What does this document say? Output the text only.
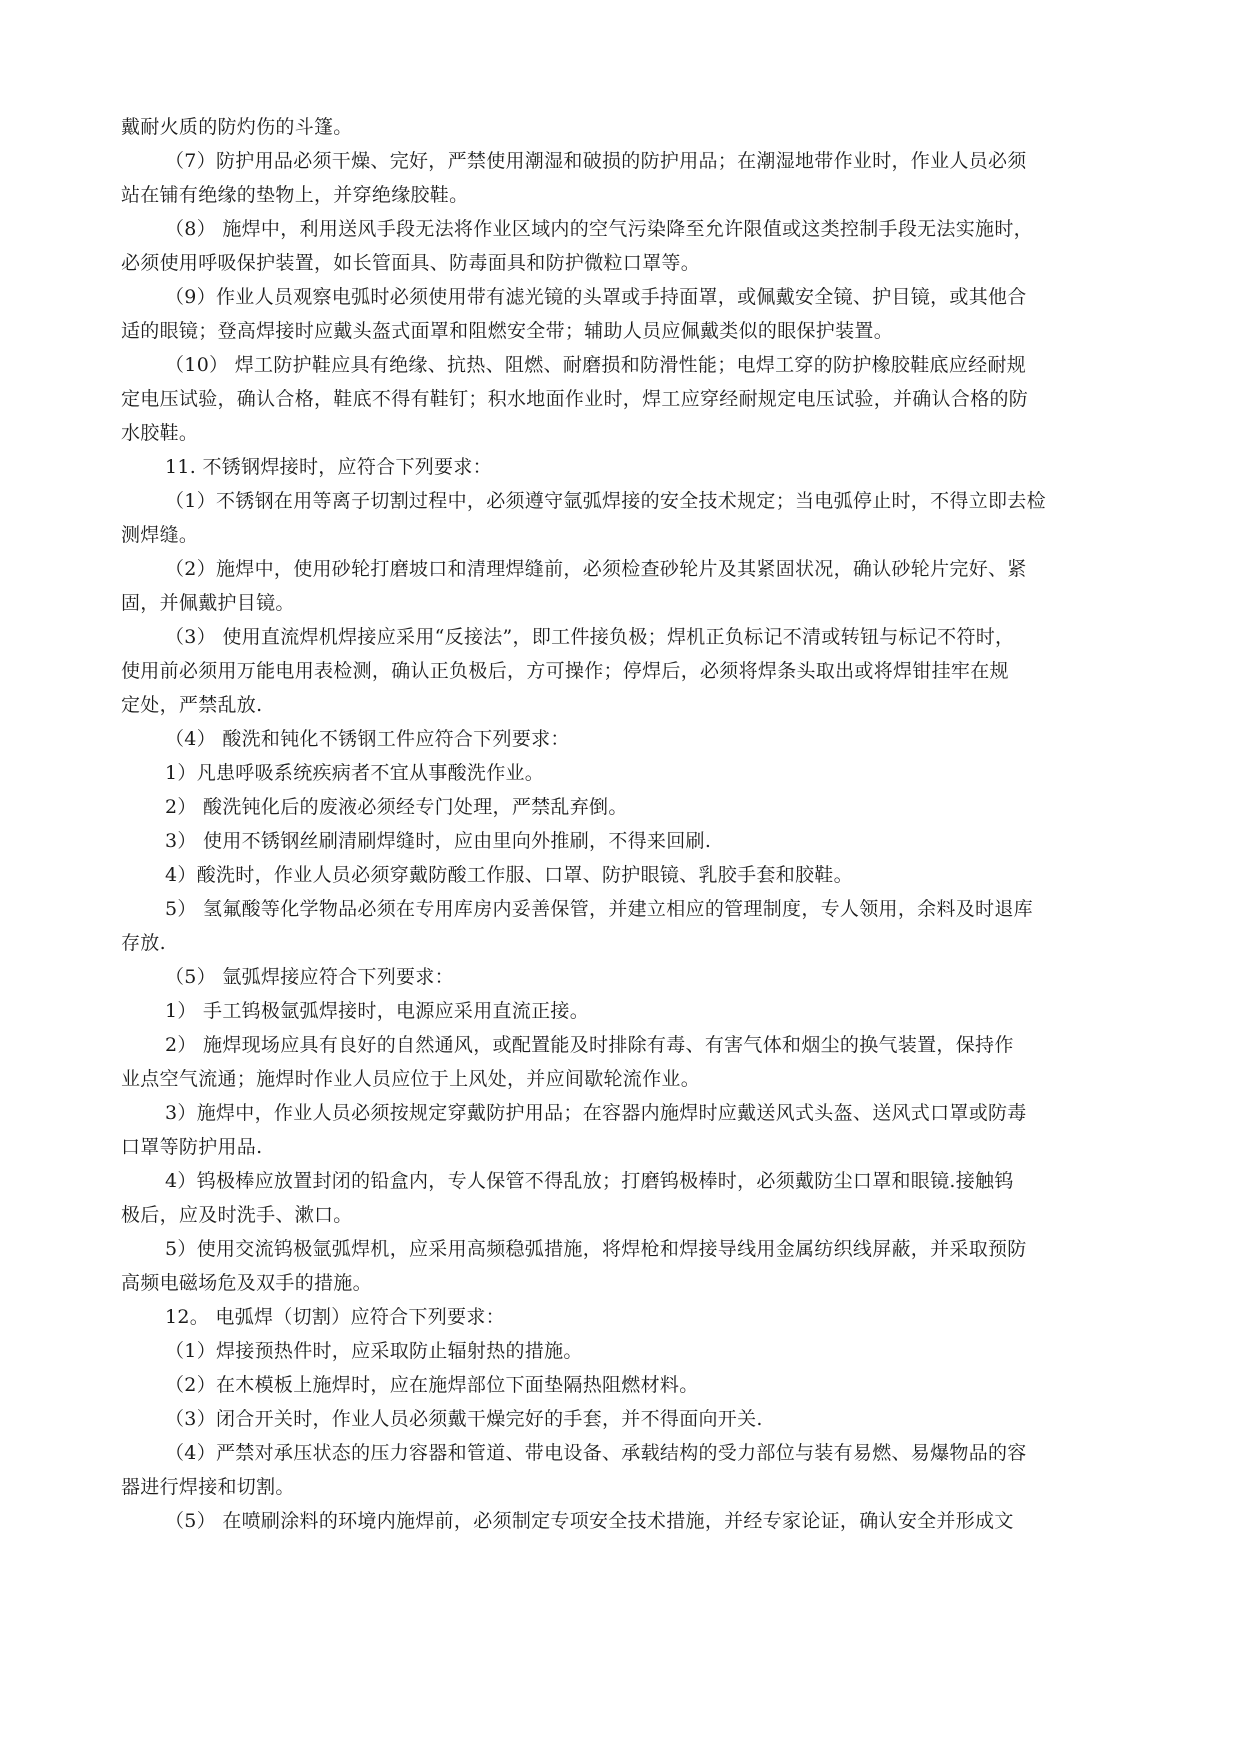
戴耐火质的防灼伤的斗篷。

（7）防护用品必须干燥、完好，严禁使用潮湿和破损的防护用品；在潮湿地带作业时，作业人员必须

站在铺有绝缘的垫物上，并穿绝缘胶鞋。

（8） 施焊中，利用送风手段无法将作业区域内的空气污染降至允许限值或这类控制手段无法实施时，

必须使用呼吸保护装置，如长管面具、防毒面具和防护微粒口罩等。

（9）作业人员观察电弧时必须使用带有滤光镜的头罩或手持面罩，或佩戴安全镜、护目镜，或其他合

适的眼镜；登高焊接时应戴头盔式面罩和阻燃安全带；辅助人员应佩戴类似的眼保护装置。

（10） 焊工防护鞋应具有绝缘、抗热、阻燃、耐磨损和防滑性能；电焊工穿的防护橡胶鞋底应经耐规

定电压试验，确认合格，鞋底不得有鞋钉；积水地面作业时，焊工应穿经耐规定电压试验，并确认合格的防

水胶鞋。

11. 不锈钢焊接时，应符合下列要求：

（1）不锈钢在用等离子切割过程中，必须遵守氩弧焊接的安全技术规定；当电弧停止时，不得立即去检

测焊缝。

（2）施焊中，使用砂轮打磨坡口和清理焊缝前，必须检查砂轮片及其紧固状况，确认砂轮片完好、紧

固，并佩戴护目镜。

（3） 使用直流焊机焊接应采用“反接法”，即工件接负极；焊机正负标记不清或转钮与标记不符时，

使用前必须用万能电用表检测，确认正负极后，方可操作；停焊后，必须将焊条头取出或将焊钳挂牢在规

定处，严禁乱放.

（4） 酸洗和钝化不锈钢工件应符合下列要求：

1）凡患呼吸系统疾病者不宜从事酸洗作业。

2） 酸洗钝化后的废液必须经专门处理，严禁乱弃倒。

3） 使用不锈钢丝刷清刷焊缝时，应由里向外推刷，不得来回刷.

4）酸洗时，作业人员必须穿戴防酸工作服、口罩、防护眼镜、乳胶手套和胶鞋。

5） 氢氟酸等化学物品必须在专用库房内妥善保管，并建立相应的管理制度，专人领用，余料及时退库

存放.

（5） 氩弧焊接应符合下列要求：

1） 手工钨极氩弧焊接时，电源应采用直流正接。

2） 施焊现场应具有良好的自然通风，或配置能及时排除有毒、有害气体和烟尘的换气装置，保持作

业点空气流通；施焊时作业人员应位于上风处，并应间歇轮流作业。

3）施焊中，作业人员必须按规定穿戴防护用品；在容器内施焊时应戴送风式头盔、送风式口罩或防毒

口罩等防护用品.

4）钨极棒应放置封闭的铅盒内，专人保管不得乱放；打磨钨极棒时，必须戴防尘口罩和眼镜.接触钨

极后，应及时洗手、漱口。

5）使用交流钨极氩弧焊机，应采用高频稳弧措施，将焊枪和焊接导线用金属纺织线屏蔽，并采取预防

高频电磁场危及双手的措施。

12。 电弧焊（切割）应符合下列要求：

（1）焊接预热件时，应采取防止辐射热的措施。

（2）在木模板上施焊时，应在施焊部位下面垫隔热阻燃材料。

（3）闭合开关时，作业人员必须戴干燥完好的手套，并不得面向开关.

（4）严禁对承压状态的压力容器和管道、带电设备、承载结构的受力部位与装有易燃、易爆物品的容

器进行焊接和切割。

（5） 在喷刷涂料的环境内施焊前，必须制定专项安全技术措施，并经专家论证，确认安全并形成文
